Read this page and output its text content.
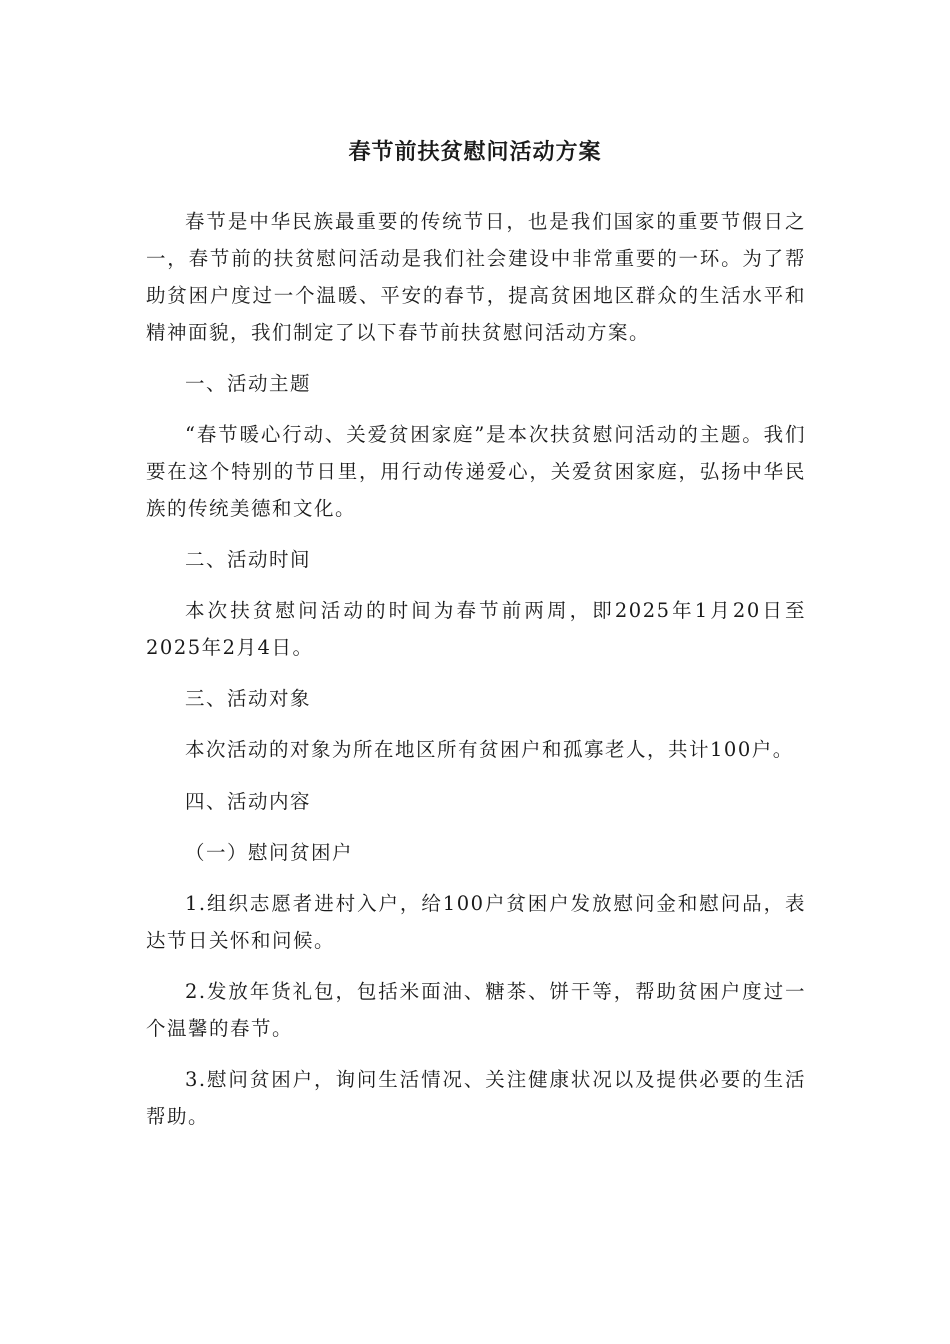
春节前扶贫慰问活动方案

春节是中华民族最重要的传统节日，也是我们国家的重要节假日之一，春节前的扶贫慰问活动是我们社会建设中非常重要的一环。为了帮助贫困户度过一个温暖、平安的春节，提高贫困地区群众的生活水平和精神面貌，我们制定了以下春节前扶贫慰问活动方案。

一、活动主题

“春节暖心行动、关爱贫困家庭”是本次扶贫慰问活动的主题。我们要在这个特别的节日里，用行动传递爱心，关爱贫困家庭，弘扬中华民族的传统美德和文化。

二、活动时间

本次扶贫慰问活动的时间为春节前两周，即2025年1月20日至2025年2月4日。

三、活动对象

本次活动的对象为所在地区所有贫困户和孤寡老人，共计100户。

四、活动内容

（一）慰问贫困户

1.组织志愿者进村入户，给100户贫困户发放慰问金和慰问品，表达节日关怀和问候。

2.发放年货礼包，包括米面油、糖茶、饼干等，帮助贫困户度过一个温馨的春节。

3.慰问贫困户，询问生活情况、关注健康状况以及提供必要的生活帮助。
